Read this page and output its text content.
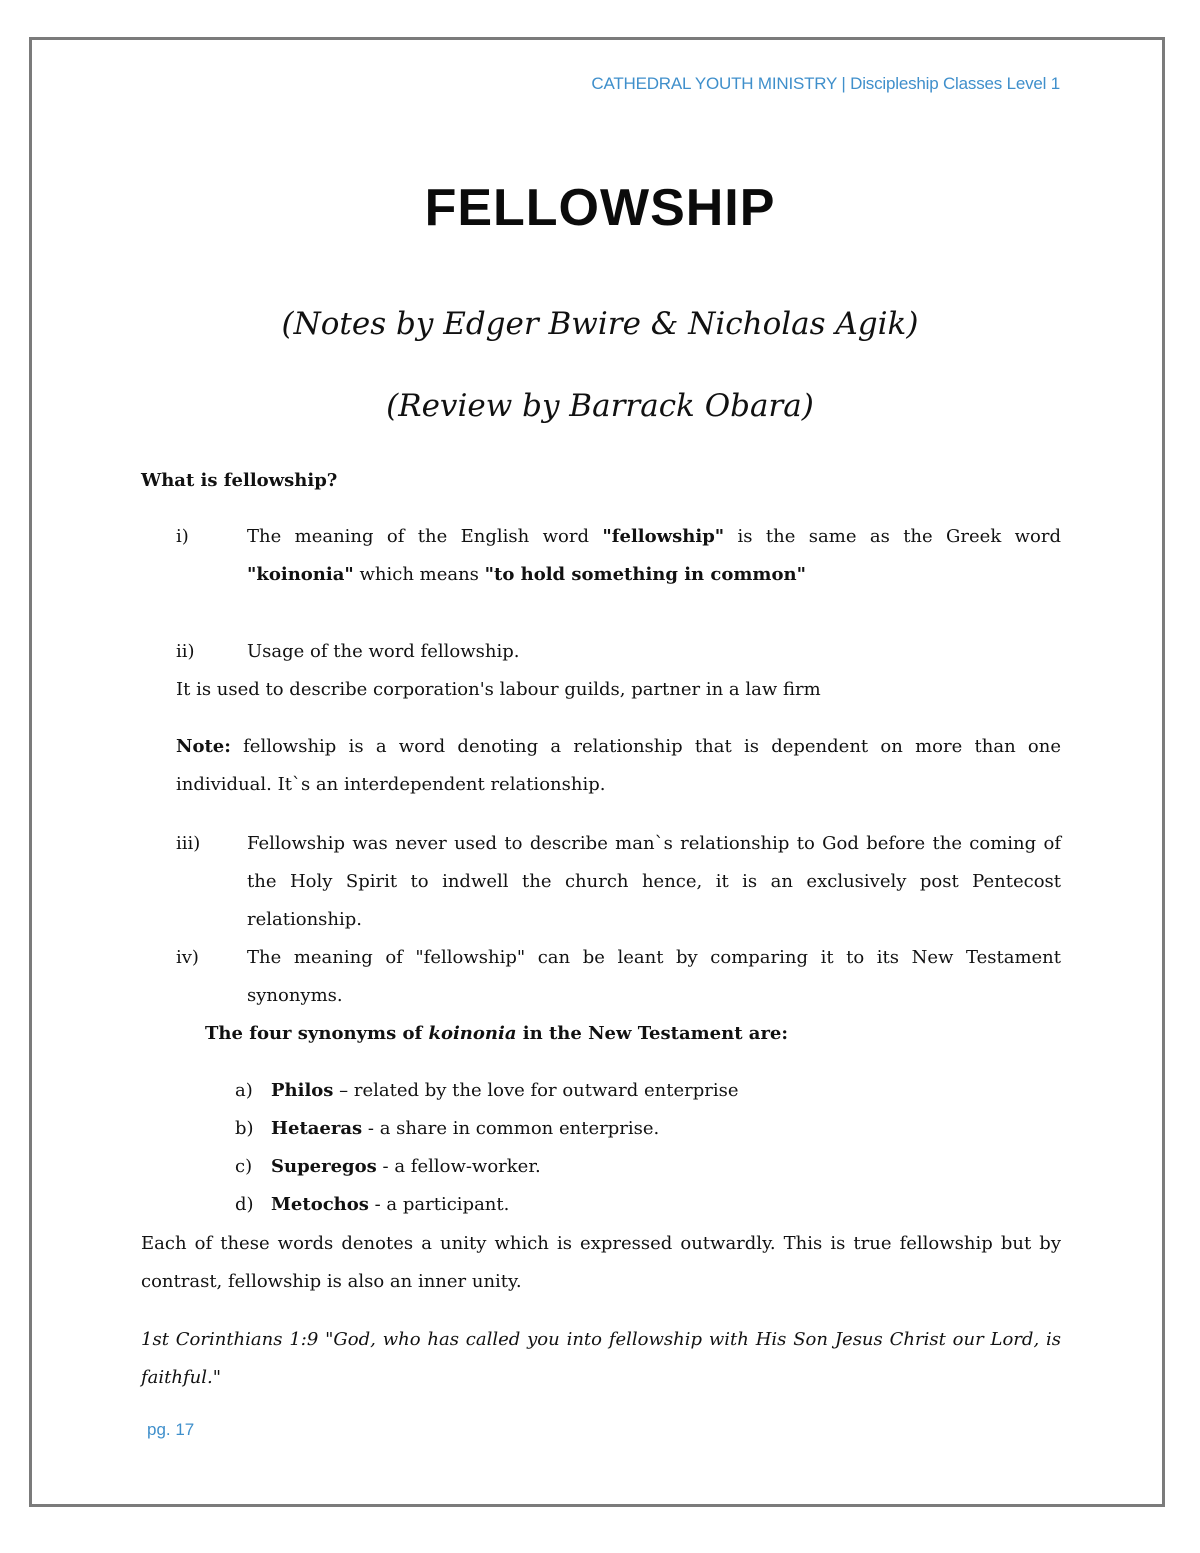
CATHEDRAL YOUTH MINISTRY | Discipleship Classes Level 1
FELLOWSHIP
(Notes by Edger Bwire & Nicholas Agik)
(Review by Barrack Obara)
What is fellowship?
i)	The meaning of the English word "fellowship" is the same as the Greek word "koinonia" which means "to hold something in common"
ii)	Usage of the word fellowship.
It is used to describe corporation's labour guilds, partner in a law firm
Note: fellowship is a word denoting a relationship that is dependent on more than one individual. It`s an interdependent relationship.
iii)	Fellowship was never used to describe man`s relationship to God before the coming of the Holy Spirit to indwell the church hence, it is an exclusively post Pentecost relationship.
iv)	The meaning of "fellowship" can be leant by comparing it to its New Testament synonyms.
The four synonyms of koinonia in the New Testament are:
a) Philos – related by the love for outward enterprise
b) Hetaeras - a share in common enterprise.
c) Superegos - a fellow-worker.
d) Metochos - a participant.
Each of these words denotes a unity which is expressed outwardly. This is true fellowship but by contrast, fellowship is also an inner unity.
1st Corinthians 1:9 "God, who has called you into fellowship with His Son Jesus Christ our Lord, is faithful."
pg. 17
